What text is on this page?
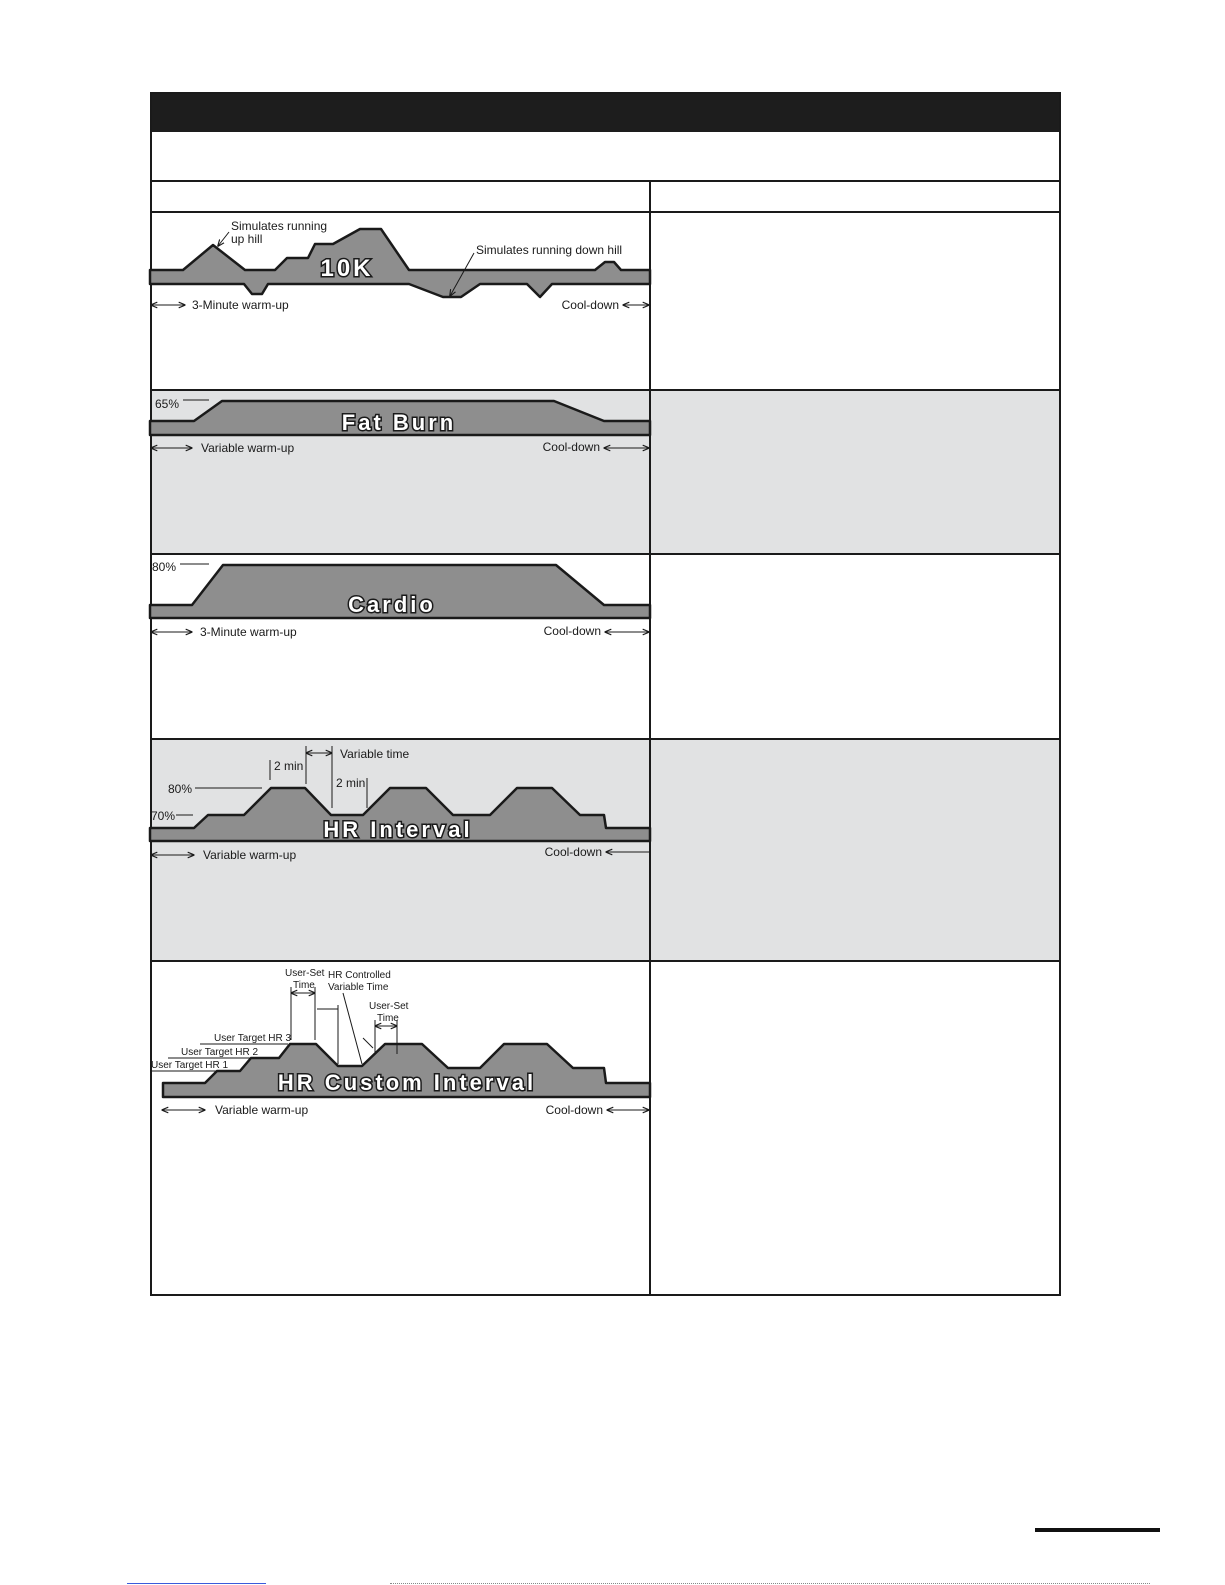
10K
Simulates running
up hill
Simulates running down hill
3-Minute warm-up	Cool-down
Fat Burn
65%
Variable warm-up	Cool-down
Cardio
80%
3-Minute warm-up	Cool-down
HR Interval
Variable time
2 min
2 min
80%
70%
Variable warm-up	Cool-down
HR Custom Interval
User-Set
Time
HR Controlled
Variable Time
User-Set
Time
User Target HR 3
User Target HR 2
User Target HR 1
Variable warm-up	Cool-down
